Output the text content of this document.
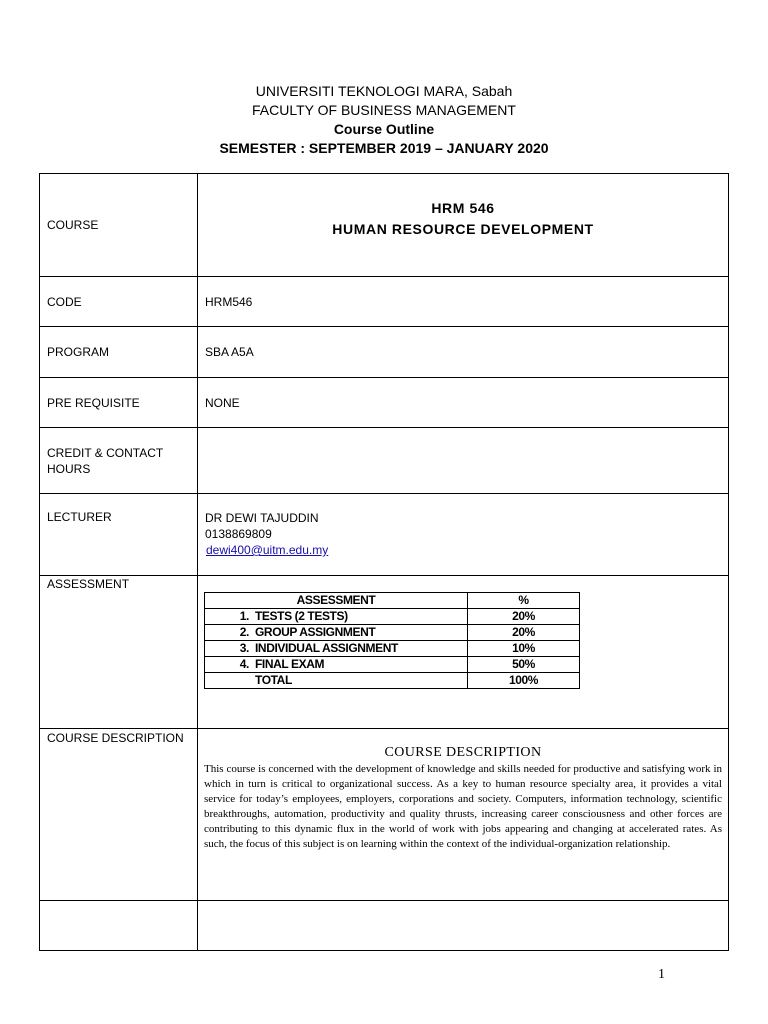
UNIVERSITI TEKNOLOGI MARA, Sabah
FACULTY OF BUSINESS MANAGEMENT
Course Outline
SEMESTER : SEPTEMBER 2019 – JANUARY 2020
COURSE	
HRM 546
HUMAN RESOURCE DEVELOPMENT

CODE	HRM546
PROGRAM	SBA A5A
PRE REQUISITE	NONE
CREDIT & CONTACT HOURS	
LECTURER	DR DEWI TAJUDDIN
0138869809
dewi400@uitm.edu.my

ASSESSMENT	
ASSESSMENT	%
1. TESTS (2 TESTS)	20%
2. GROUP ASSIGNMENT	20%
3. INDIVIDUAL ASSIGNMENT	10%
4. FINAL EXAM	50%
TOTAL	100%

COURSE DESCRIPTION	
COURSE DESCRIPTION
This course is concerned with the development of knowledge and skills needed for productive and satisfying work in which in turn is critical to organizational success. As a key to human resource specialty area, it provides a vital service for today’s employees, employers, corporations and society. Computers, information technology, scientific breakthroughs, automation, productivity and quality thrusts, increasing career consciousness and other forces are contributing to this dynamic flux in the world of work with jobs appearing and changing at accelerated rates. As such, the focus of this subject is on learning within the context of the individual-organization relationship.

1
